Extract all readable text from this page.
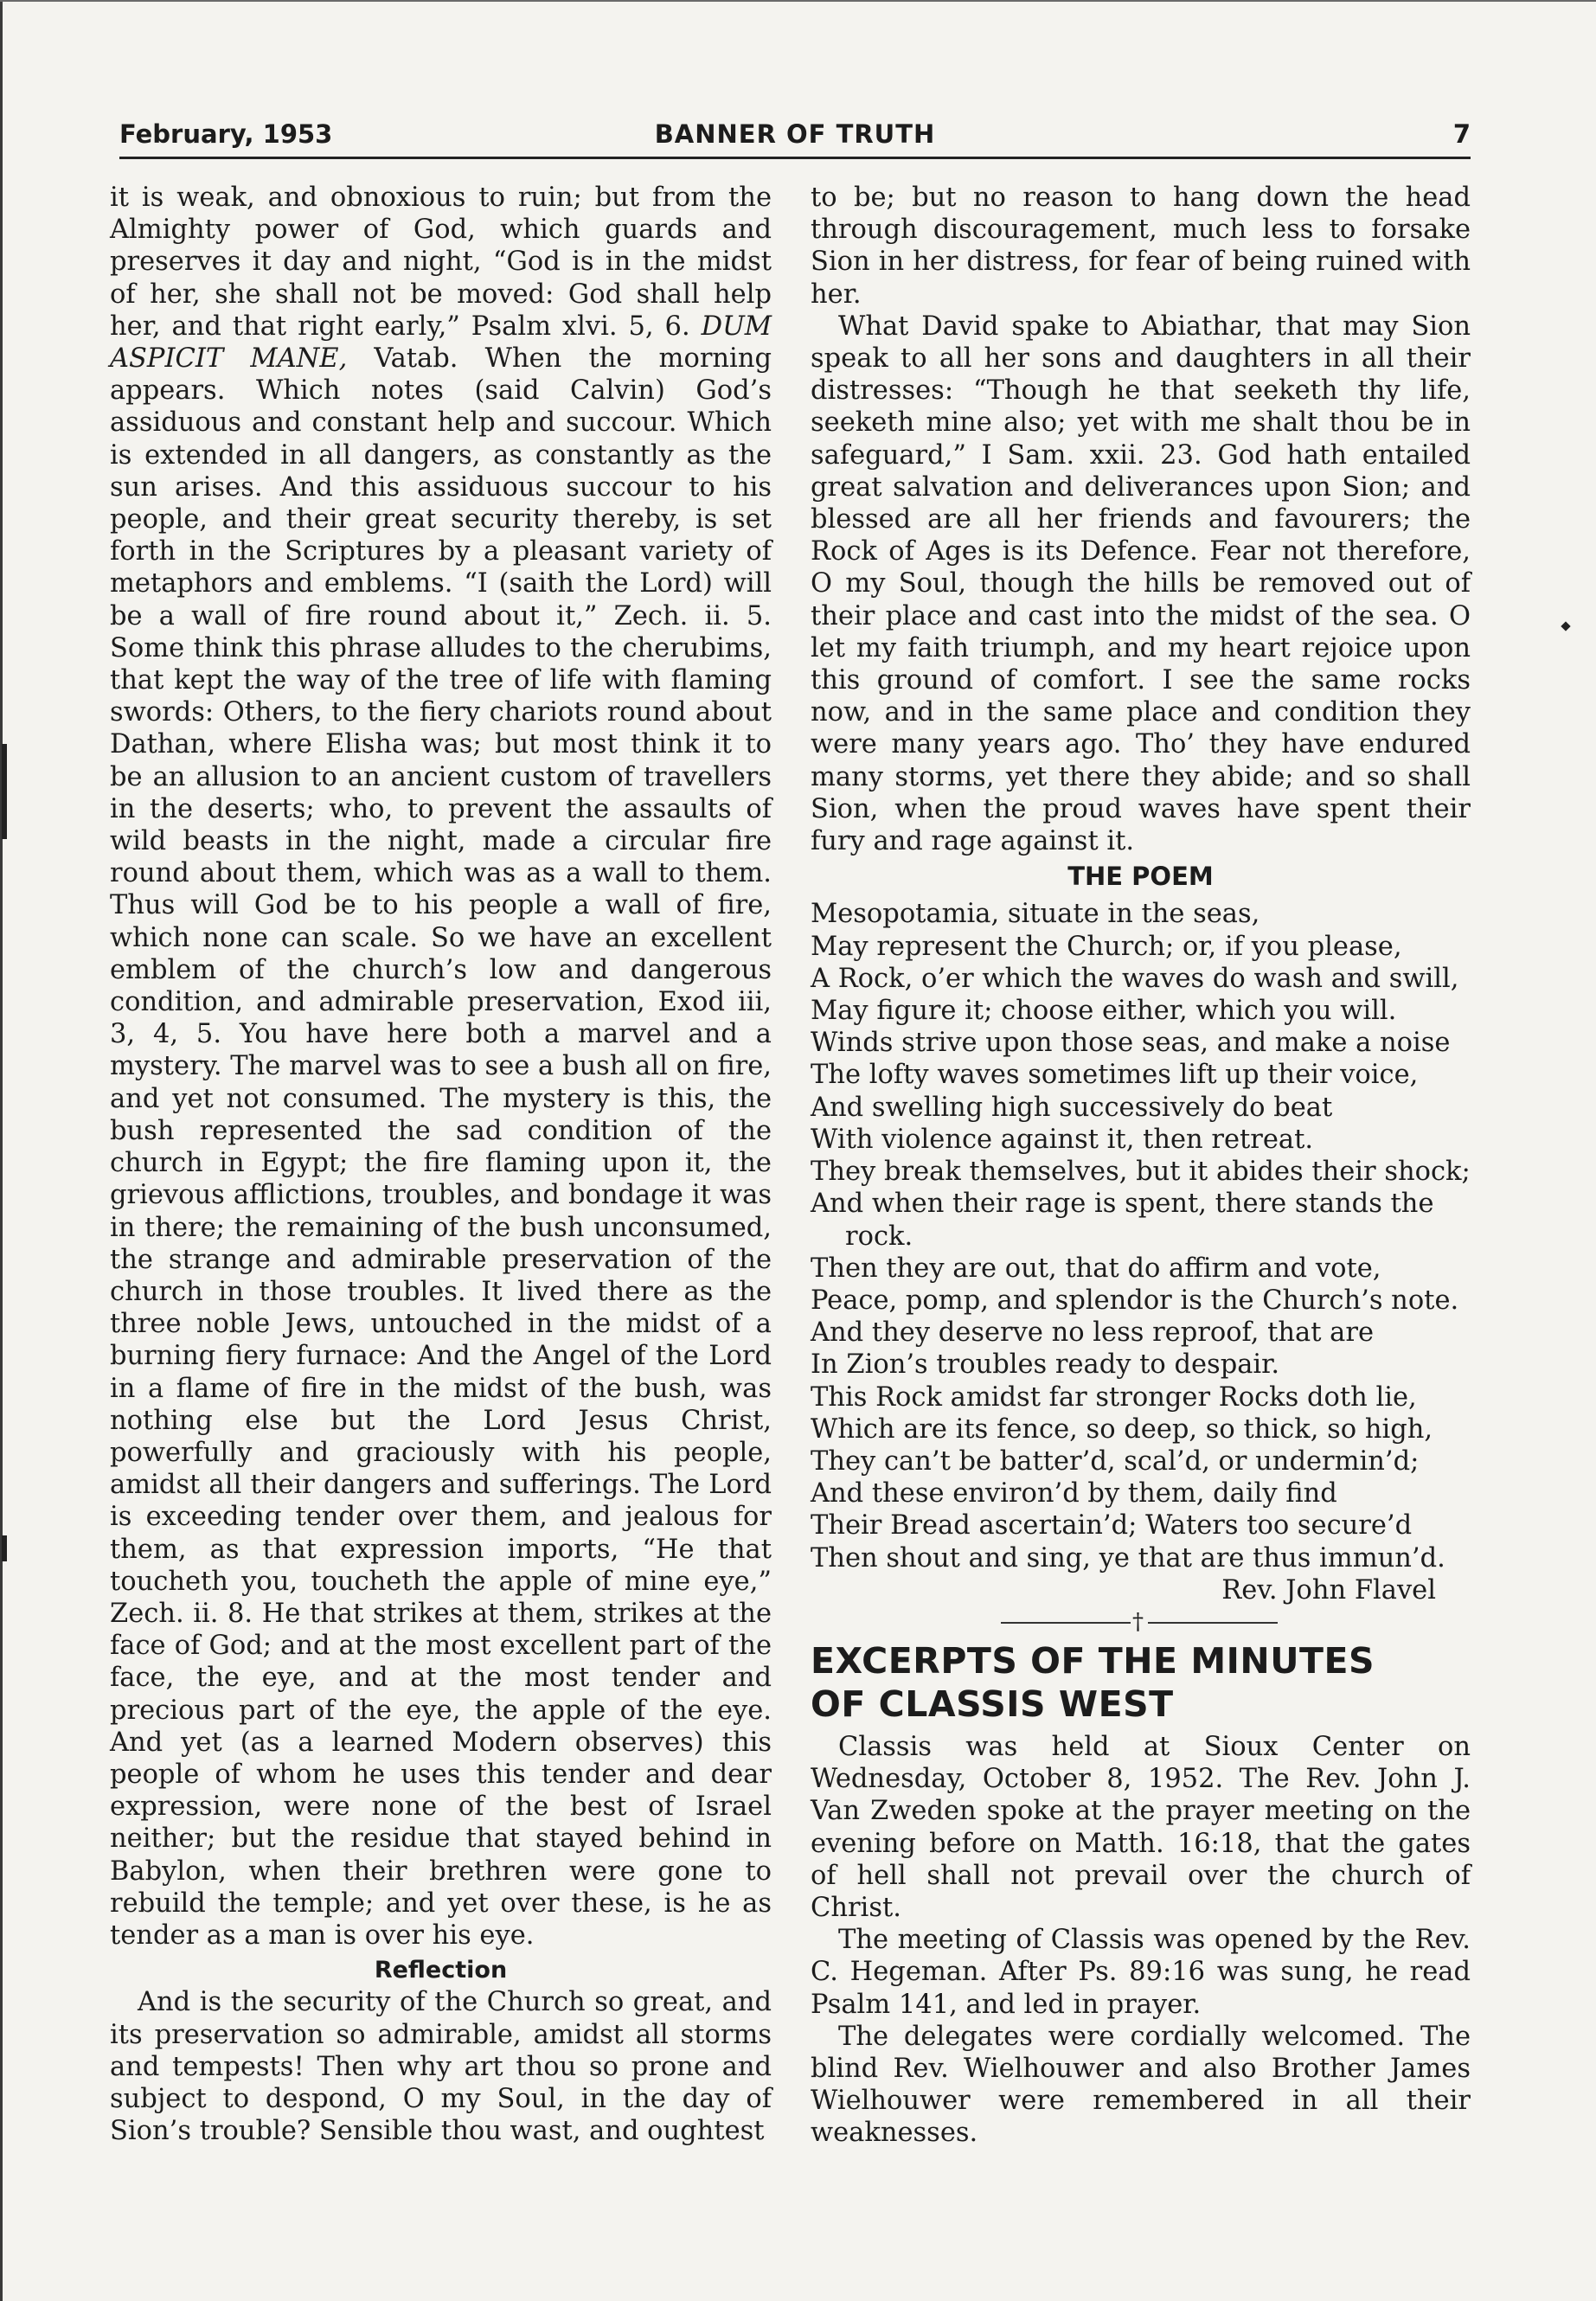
February, 1953	BANNER OF TRUTH	7

it is weak, and obnoxious to ruin; but from the Almighty power of God, which guards and preserves it day and night, “God is in the midst of her, she shall not be moved: God shall help her, and that right early,” Psalm xlvi. 5, 6. DUM ASPICIT MANE, Vatab. When the morning appears. Which notes (said Calvin) God’s assiduous and constant help and succour. Which is extended in all dangers, as constantly as the sun arises. And this assiduous succour to his people, and their great security thereby, is set forth in the Scriptures by a pleasant variety of metaphors and emblems. “I (saith the Lord) will be a wall of fire round about it,” Zech. ii. 5. Some think this phrase alludes to the cherubims, that kept the way of the tree of life with flaming swords: Others, to the fiery chariots round about Dathan, where Elisha was; but most think it to be an allusion to an ancient custom of travellers in the deserts; who, to prevent the assaults of wild beasts in the night, made a circular fire round about them, which was as a wall to them. Thus will God be to his people a wall of fire, which none can scale. So we have an excellent emblem of the church’s low and dangerous condition, and admirable preservation, Exod iii, 3, 4, 5. You have here both a marvel and a mystery. The marvel was to see a bush all on fire, and yet not consumed. The mystery is this, the bush represented the sad condition of the church in Egypt; the fire flaming upon it, the grievous afflictions, troubles, and bondage it was in there; the remaining of the bush unconsumed, the strange and admirable preservation of the church in those troubles. It lived there as the three noble Jews, untouched in the midst of a burning fiery furnace: And the Angel of the Lord in a flame of fire in the midst of the bush, was nothing else but the Lord Jesus Christ, powerfully and graciously with his people, amidst all their dangers and sufferings. The Lord is exceeding tender over them, and jealous for them, as that expression imports, “He that toucheth you, toucheth the apple of mine eye,” Zech. ii. 8. He that strikes at them, strikes at the face of God; and at the most excellent part of the face, the eye, and at the most tender and precious part of the eye, the apple of the eye. And yet (as a learned Modern observes) this people of whom he uses this tender and dear expression, were none of the best of Israel neither; but the residue that stayed behind in Babylon, when their brethren were gone to rebuild the temple; and yet over these, is he as tender as a man is over his eye.

Reflection

And is the security of the Church so great, and its preservation so admirable, amidst all storms and tempests! Then why art thou so prone and subject to despond, O my Soul, in the day of Sion’s trouble? Sensible thou wast, and oughtest

to be; but no reason to hang down the head through discouragement, much less to forsake Sion in her distress, for fear of being ruined with her.

What David spake to Abiathar, that may Sion speak to all her sons and daughters in all their distresses: “Though he that seeketh thy life, seeketh mine also; yet with me shalt thou be in safeguard,” I Sam. xxii. 23. God hath entailed great salvation and deliverances upon Sion; and blessed are all her friends and favourers; the Rock of Ages is its Defence. Fear not therefore, O my Soul, though the hills be removed out of their place and cast into the midst of the sea. O let my faith triumph, and my heart rejoice upon this ground of comfort. I see the same rocks now, and in the same place and condition they were many years ago. Tho’ they have endured many storms, yet there they abide; and so shall Sion, when the proud waves have spent their fury and rage against it.

THE POEM
Mesopotamia, situate in the seas,
May represent the Church; or, if you please,
A Rock, o’er which the waves do wash and swill,
May figure it; choose either, which you will.
Winds strive upon those seas, and make a noise
The lofty waves sometimes lift up their voice,
And swelling high successively do beat
With violence against it, then retreat.
They break themselves, but it abides their shock;
And when their rage is spent, there stands the
rock.
Then they are out, that do affirm and vote,
Peace, pomp, and splendor is the Church’s note.
And they deserve no less reproof, that are
In Zion’s troubles ready to despair.
This Rock amidst far stronger Rocks doth lie,
Which are its fence, so deep, so thick, so high,
They can’t be batter’d, scal’d, or undermin’d;
And these environ’d by them, daily find
Their Bread ascertain’d; Waters too secure’d
Then shout and sing, ye that are thus immun’d.
Rev. John Flavel
†
EXCERPTS OF THE MINUTES
OF CLASSIS WEST

Classis was held at Sioux Center on Wednesday, October 8, 1952. The Rev. John J. Van Zweden spoke at the prayer meeting on the evening before on Matth. 16:18, that the gates of hell shall not prevail over the church of Christ.

The meeting of Classis was opened by the Rev. C. Hegeman. After Ps. 89:16 was sung, he read Psalm 141, and led in prayer.

The delegates were cordially welcomed. The blind Rev. Wielhouwer and also Brother James Wielhouwer were remembered in all their weaknesses.
